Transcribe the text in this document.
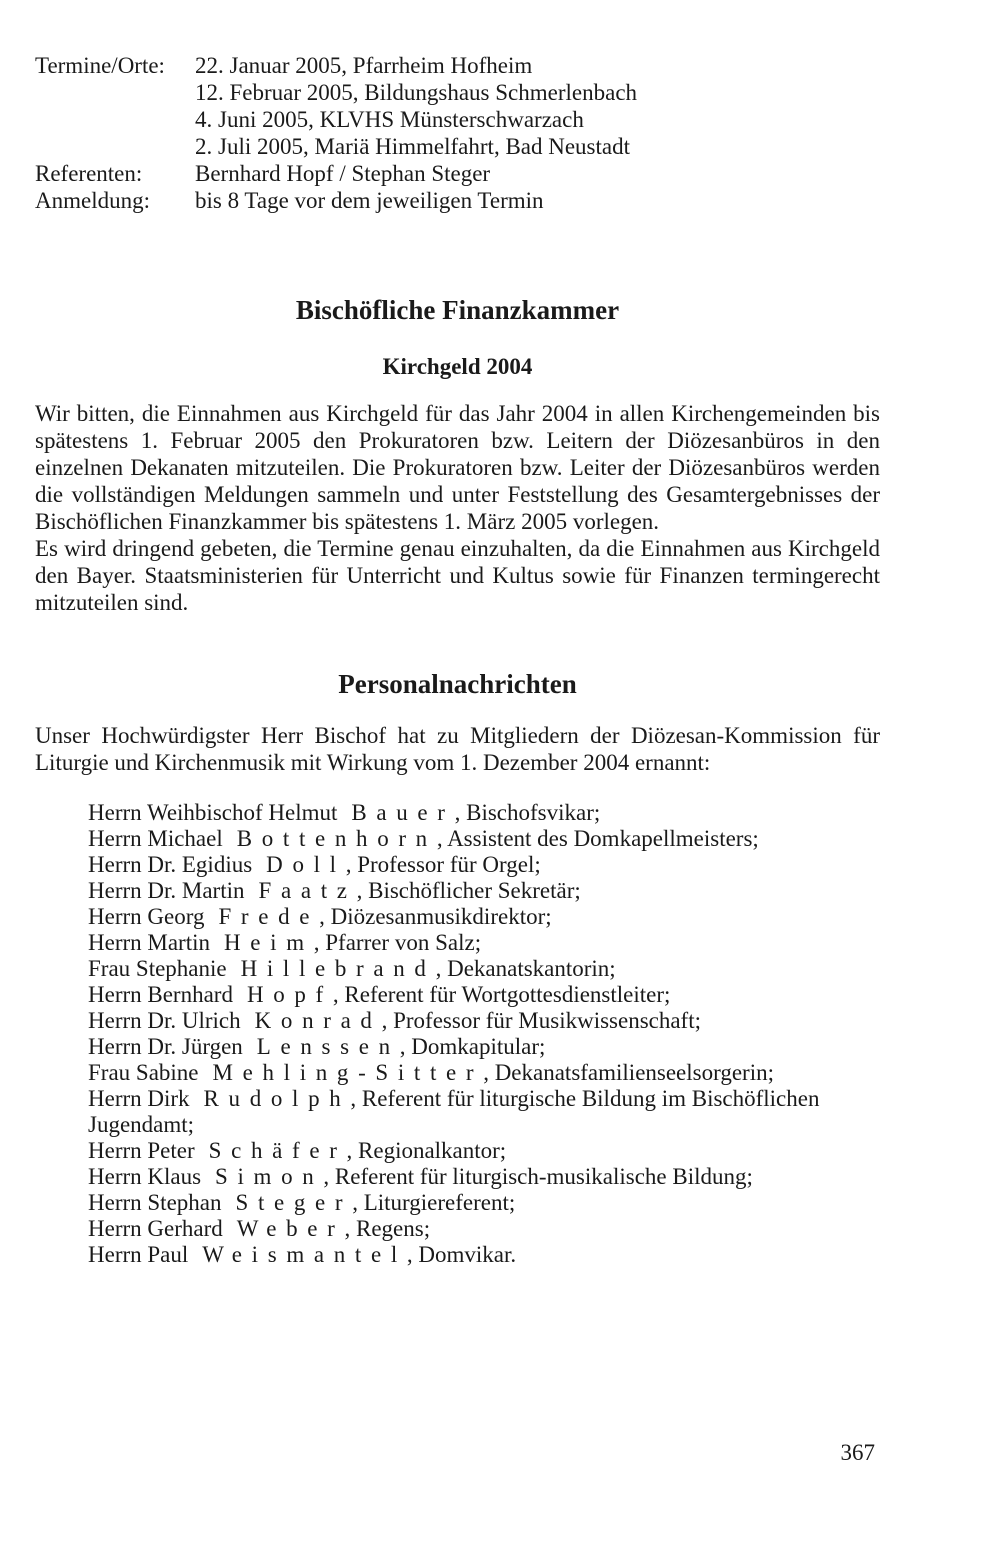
Termine/Orte:	22. Januar 2005, Pfarrheim Hofheim
12. Februar 2005, Bildungshaus Schmerlenbach
4. Juni 2005, KLVHS Münsterschwarzach
2. Juli 2005, Mariä Himmelfahrt, Bad Neustadt
Referenten:	Bernhard Hopf / Stephan Steger
Anmeldung:	bis 8 Tage vor dem jeweiligen Termin
Bischöfliche Finanzkammer
Kirchgeld 2004

Wir bitten, die Einnahmen aus Kirchgeld für das Jahr 2004 in allen Kirchengemeinden bis spätestens 1. Februar 2005 den Prokuratoren bzw. Leitern der Diözesanbüros in den einzelnen Dekanaten mitzuteilen. Die Prokuratoren bzw. Leiter der Diözesanbüros werden die vollständigen Meldungen sammeln und unter Feststellung des Gesamtergebnisses der Bischöflichen Finanzkammer bis spätestens 1. März 2005 vorlegen.

Es wird dringend gebeten, die Termine genau einzuhalten, da die Einnahmen aus Kirchgeld den Bayer. Staatsministerien für Unterricht und Kultus sowie für Finanzen termingerecht mitzuteilen sind.

Personalnachrichten

Unser Hochwürdigster Herr Bischof hat zu Mitgliedern der Diözesan-Kommission für Liturgie und Kirchenmusik mit Wirkung vom 1. Dezember 2004 ernannt:

Herrn Weihbischof Helmut Bauer, Bischofsvikar;
Herrn Michael Bottenhorn, Assistent des Domkapellmeisters;
Herrn Dr. Egidius Doll, Professor für Orgel;
Herrn Dr. Martin Faatz, Bischöflicher Sekretär;
Herrn Georg Frede, Diözesanmusikdirektor;
Herrn Martin Heim, Pfarrer von Salz;
Frau Stephanie Hillebrand, Dekanatskantorin;
Herrn Bernhard Hopf, Referent für Wortgottesdienstleiter;
Herrn Dr. Ulrich Konrad, Professor für Musikwissenschaft;
Herrn Dr. Jürgen Lenssen, Domkapitular;
Frau Sabine Mehling-Sitter, Dekanatsfamilienseelsorgerin;
Herrn Dirk Rudolph, Referent für liturgische Bildung im Bischöflichen Jugendamt;
Herrn Peter Schäfer, Regionalkantor;
Herrn Klaus Simon, Referent für liturgisch-musikalische Bildung;
Herrn Stephan Steger, Liturgiereferent;
Herrn Gerhard Weber, Regens;
Herrn Paul Weismantel, Domvikar.
367
